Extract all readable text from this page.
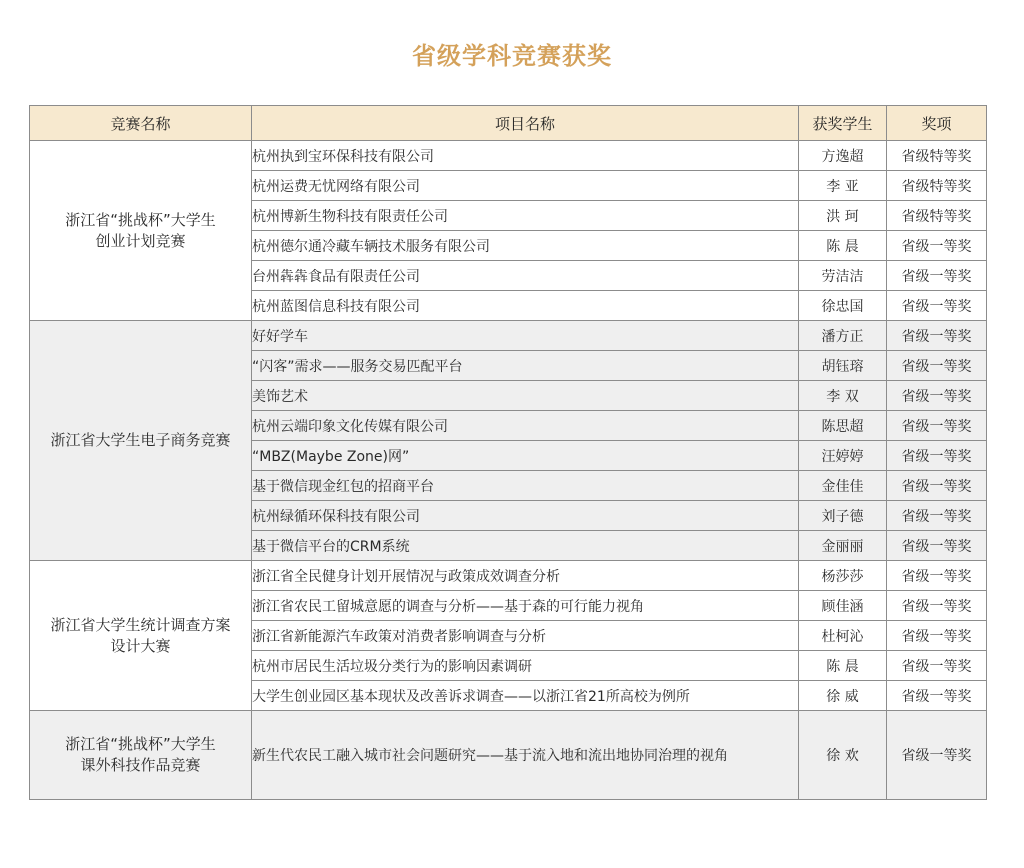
省级学科竞赛获奖
竞赛名称	项目名称	获奖学生	奖项

浙江省“挑战杯”大学生
创业计划竞赛	杭州执到宝环保科技有限公司	方逸超	省级特等奖
	杭州运费无忧网络有限公司	李 亚	省级特等奖
	杭州博新生物科技有限责任公司	洪 珂	省级特等奖
	杭州德尔通冷藏车辆技术服务有限公司	陈 晨	省级一等奖
	台州犇犇食品有限责任公司	劳洁洁	省级一等奖
	杭州蓝图信息科技有限公司	徐忠国	省级一等奖

浙江省大学生电子商务竞赛	好好学车	潘方正	省级一等奖
	“闪客”需求——服务交易匹配平台	胡钰瑢	省级一等奖
	美饰艺术	李 双	省级一等奖
	杭州云端印象文化传媒有限公司	陈思超	省级一等奖
	“MBZ(Maybe Zone)网”	汪婷婷	省级一等奖
	基于微信现金红包的招商平台	金佳佳	省级一等奖
	杭州绿循环保科技有限公司	刘子德	省级一等奖
	基于微信平台的CRM系统	金丽丽	省级一等奖

浙江省大学生统计调查方案
设计大赛	浙江省全民健身计划开展情况与政策成效调查分析	杨莎莎	省级一等奖
	浙江省农民工留城意愿的调查与分析——基于森的可行能力视角	顾佳涵	省级一等奖
	浙江省新能源汽车政策对消费者影响调查与分析	杜柯沁	省级一等奖
	杭州市居民生活垃圾分类行为的影响因素调研	陈 晨	省级一等奖
	大学生创业园区基本现状及改善诉求调查——以浙江省21所高校为例所	徐 威	省级一等奖

浙江省“挑战杯”大学生
课外科技作品竞赛	新生代农民工融入城市社会问题研究——基于流入地和流出地协同治理的视角	徐 欢	省级一等奖
